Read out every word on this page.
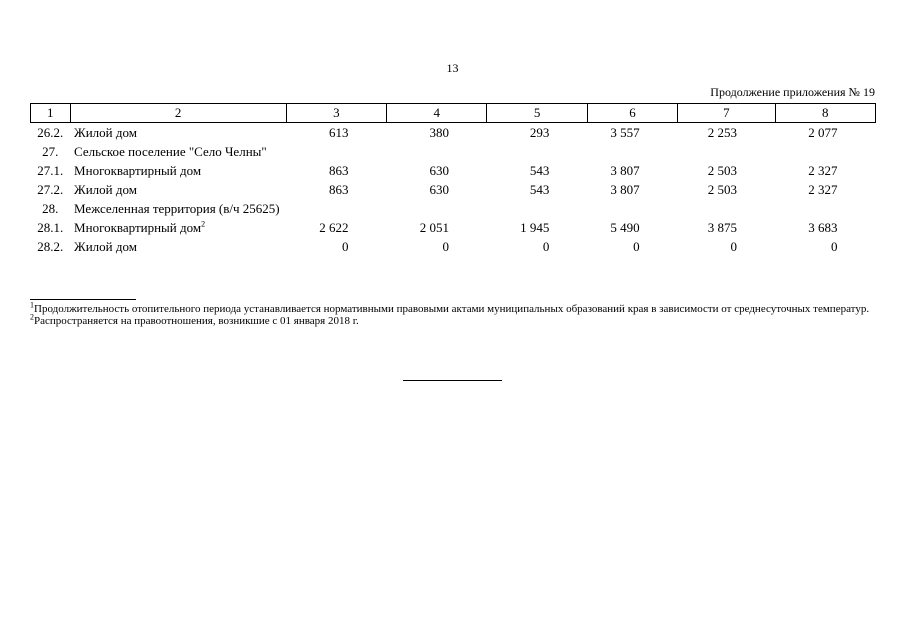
13
Продолжение приложения № 19
1	2	3	4	5	6	7	8
26.2.	Жилой дом	613	380	293	3 557	2 253	2 077
27.	Сельское поселение "Село Челны"						
27.1.	Многоквартирный дом	863	630	543	3 807	2 503	2 327
27.2.	Жилой дом	863	630	543	3 807	2 503	2 327
28.	Межселенная территория (в/ч 25625)						
28.1.	Многоквартирный дом$^2$	2 622	2 051	1 945	5 490	3 875	3 683
28.2.	Жилой дом	0	0	0	0	0	0
$^1$Продолжительность отопительного периода устанавливается нормативными правовыми актами муниципальных образований края в зависимости от среднесуточных температур.
$^2$Распространяется на правоотношения, возникшие с 01 января 2018 г.
